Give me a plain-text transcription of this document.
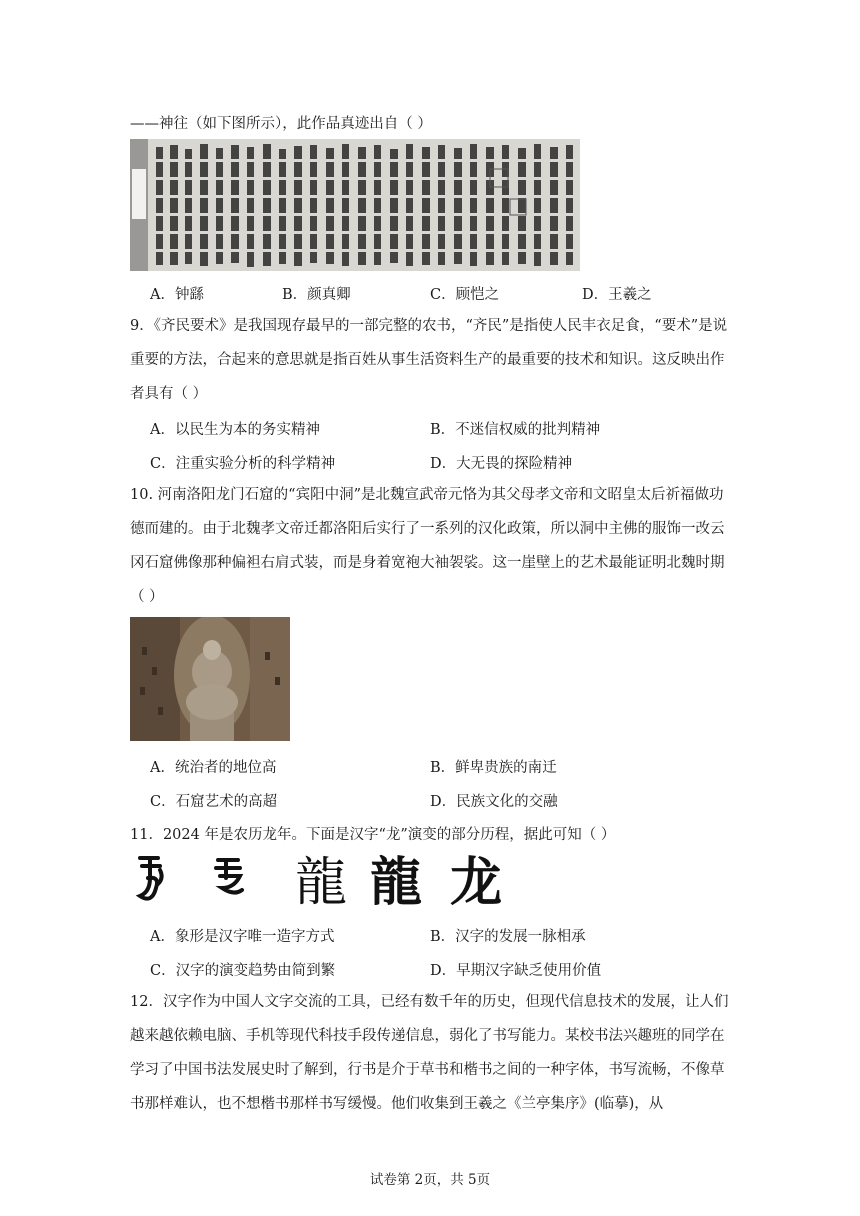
——神往（如下图所示），此作品真迹出自（ ）
A．钟繇	B．颜真卿	C．顾恺之	D．王羲之
9．《齐民要术》是我国现存最早的一部完整的农书，“齐民”是指使人民丰衣足食，“要术”是说重要的方法，合起来的意思就是指百姓从事生活资料生产的最重要的技术和知识。这反映出作者具有（ ）
A．以民生为本的务实精神	B．不迷信权威的批判精神
C．注重实验分析的科学精神	D．大无畏的探险精神
10. 河南洛阳龙门石窟的“宾阳中洞”是北魏宣武帝元恪为其父母孝文帝和文昭皇太后祈福做功德而建的。由于北魏孝文帝迁都洛阳后实行了一系列的汉化政策，所以洞中主佛的服饰一改云冈石窟佛像那种偏袒右肩式装，而是身着宽袍大袖袈裟。这一崖壁上的艺术最能证明北魏时期（ ）
A．统治者的地位高	B．鲜卑贵族的南迁
C．石窟艺术的高超	D．民族文化的交融
11．2024 年是农历龙年。下面是汉字“龙”演变的部分历程，据此可知（ ）
龍 龍 龙
A．象形是汉字唯一造字方式	B．汉字的发展一脉相承
C．汉字的演变趋势由简到繁	D．早期汉字缺乏使用价值
12．汉字作为中国人文字交流的工具，已经有数千年的历史，但现代信息技术的发展，让人们越来越依赖电脑、手机等现代科技手段传递信息，弱化了书写能力。某校书法兴趣班的同学在学习了中国书法发展史时了解到，行书是介于草书和楷书之间的一种字体，书写流畅，不像草书那样难认，也不想楷书那样书写缓慢。他们收集到王羲之《兰亭集序》(临摹)，从
试卷第 2页，共 5页
